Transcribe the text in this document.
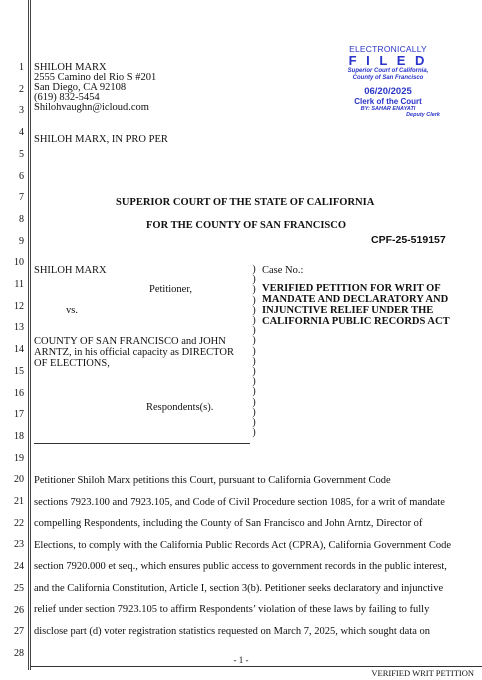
1
2
3
4
5
6
7
8
9
10
11
12
13
14
15
16
17
18
19
20
21
22
23
24
25
26
27
28
SHILOH MARX
2555 Camino del Rio S #201
San Diego, CA 92108
(619) 832-5454
Shilohvaughn@icloud.com
SHILOH MARX, IN PRO PER
ELECTRONICALLY
F I L E D
Superior Court of California,
County of San Francisco
06/20/2025
Clerk of the Court
BY: SAHAR ENAYATI
Deputy Clerk
SUPERIOR COURT OF THE STATE OF CALIFORNIA
FOR THE COUNTY OF SAN FRANCISCO
CPF-25-519157
SHILOH MARX
Petitioner,
vs.
COUNTY OF SAN FRANCISCO and JOHN
ARNTZ, in his official capacity as DIRECTOR
OF ELECTIONS,
Respondents(s).
)
)
)
)
)
)
)
)
)
)
)
)
)
)
)
)
)
Case No.:
VERIFIED PETITION FOR WRIT OF
MANDATE AND DECLARATORY AND
INJUNCTIVE RELIEF UNDER THE
CALIFORNIA PUBLIC RECORDS ACT
Petitioner Shiloh Marx petitions this Court, pursuant to California Government Code
sections 7923.100 and 7923.105, and Code of Civil Procedure section 1085, for a writ of mandate
compelling Respondents, including the County of San Francisco and John Arntz, Director of
Elections, to comply with the California Public Records Act (CPRA), California Government Code
section 7920.000 et seq., which ensures public access to government records in the public interest,
and the California Constitution, Article I, section 3(b). Petitioner seeks declaratory and injunctive
relief under section 7923.105 to affirm Respondents’ violation of these laws by failing to fully
disclose part (d) voter registration statistics requested on March 7, 2025, which sought data on
- 1 -
VERIFIED WRIT PETITION
